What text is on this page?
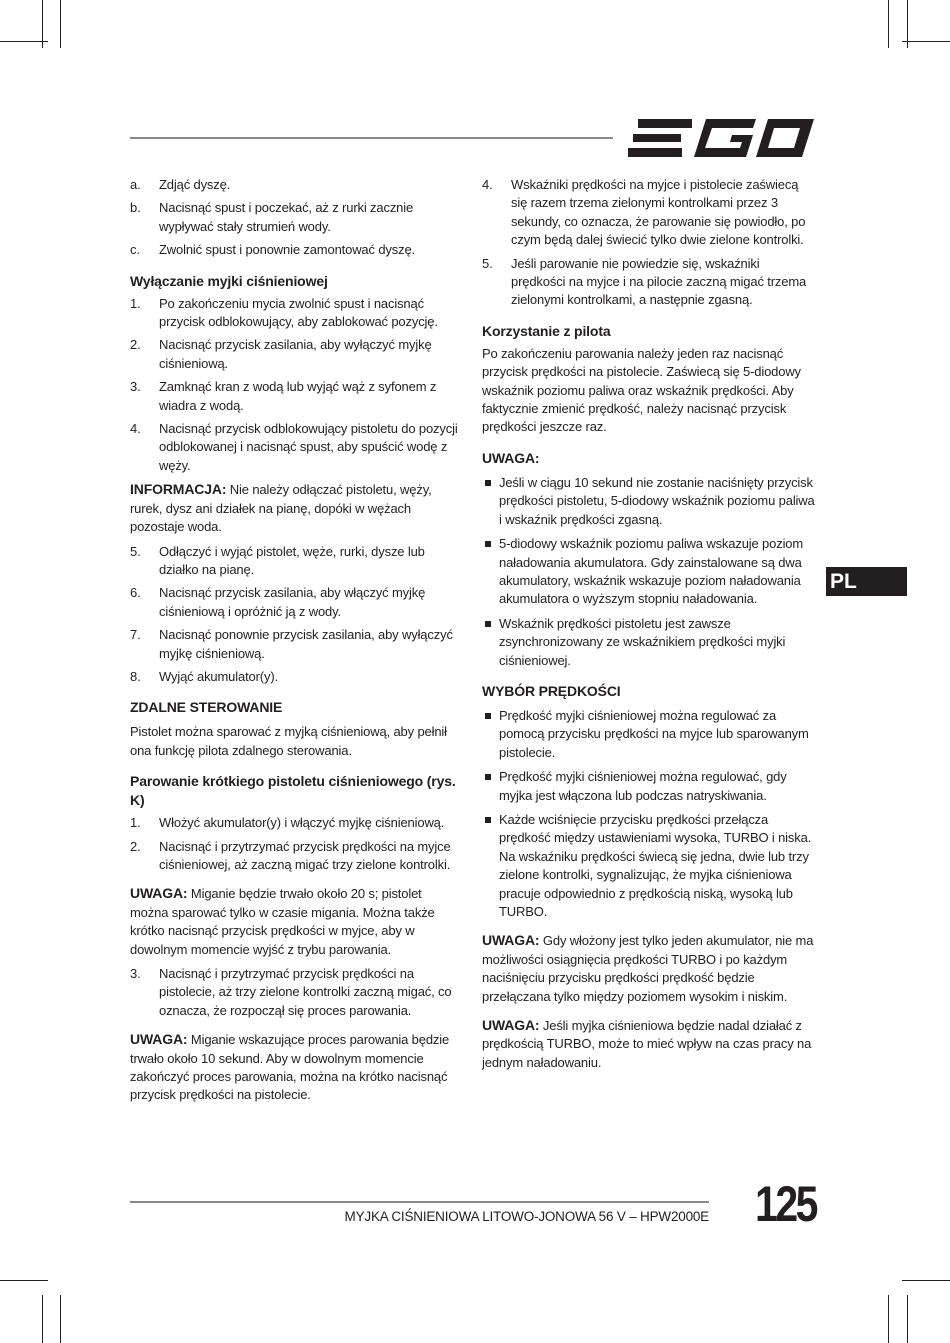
a.	Zdjąć dyszę.
b.	Nacisnąć spust i poczekać, aż z rurki zacznie wypływać stały strumień wody.
c.	Zwolnić spust i ponownie zamontować dyszę.
Wyłączanie myjki ciśnieniowej
1.	Po zakończeniu mycia zwolnić spust i nacisnąć przycisk odblokowujący, aby zablokować pozycję.
2.	Nacisnąć przycisk zasilania, aby wyłączyć myjkę ciśnieniową.
3.	Zamknąć kran z wodą lub wyjąć wąż z syfonem z wiadra z wodą.
4.	Nacisnąć przycisk odblokowujący pistoletu do pozycji odblokowanej i nacisnąć spust, aby spuścić wodę z węży.
INFORMACJA: Nie należy odłączać pistoletu, węży, rurek, dysz ani działek na pianę, dopóki w wężach pozostaje woda.
5.	Odłączyć i wyjąć pistolet, węże, rurki, dysze lub działko na pianę.
6.	Nacisnąć przycisk zasilania, aby włączyć myjkę ciśnieniową i opróżnić ją z wody.
7.	Nacisnąć ponownie przycisk zasilania, aby wyłączyć myjkę ciśnieniową.
8.	Wyjąć akumulator(y).
ZDALNE STEROWANIE
Pistolet można sparować z myjką ciśnieniową, aby pełnił ona funkcję pilota zdalnego sterowania.
Parowanie krótkiego pistoletu ciśnieniowego (rys. K)
1.	Włożyć akumulator(y) i włączyć myjkę ciśnieniową.
2.	Nacisnąć i przytrzymać przycisk prędkości na myjce ciśnieniowej, aż zaczną migać trzy zielone kontrolki.
UWAGA: Miganie będzie trwało około 20 s; pistolet można sparować tylko w czasie migania. Można także krótko nacisnąć przycisk prędkości w myjce, aby w dowolnym momencie wyjść z trybu parowania.
3.	Nacisnąć i przytrzymać przycisk prędkości na pistolecie, aż trzy zielone kontrolki zaczną migać, co oznacza, że rozpoczął się proces parowania.
UWAGA: Miganie wskazujące proces parowania będzie trwało około 10 sekund. Aby w dowolnym momencie zakończyć proces parowania, można na krótko nacisnąć przycisk prędkości na pistolecie.
4.	Wskaźniki prędkości na myjce i pistolecie zaświecą się razem trzema zielonymi kontrolkami przez 3 sekundy, co oznacza, że parowanie się powiodło, po czym będą dalej świecić tylko dwie zielone kontrolki.
5.	Jeśli parowanie nie powiedzie się, wskaźniki prędkości na myjce i na pilocie zaczną migać trzema zielonymi kontrolkami, a następnie zgasną.
Korzystanie z pilota
Po zakończeniu parowania należy jeden raz nacisnąć przycisk prędkości na pistolecie. Zaświecą się 5-diodowy wskaźnik poziomu paliwa oraz wskaźnik prędkości. Aby faktycznie zmienić prędkość, należy nacisnąć przycisk prędkości jeszcze raz.
UWAGA:
Jeśli w ciągu 10 sekund nie zostanie naciśnięty przycisk prędkości pistoletu, 5-diodowy wskaźnik poziomu paliwa i wskaźnik prędkości zgasną.
5-diodowy wskaźnik poziomu paliwa wskazuje poziom naładowania akumulatora. Gdy zainstalowane są dwa akumulatory, wskaźnik wskazuje poziom naładowania akumulatora o wyższym stopniu naładowania.
Wskaźnik prędkości pistoletu jest zawsze zsynchronizowany ze wskaźnikiem prędkości myjki ciśnieniowej.
WYBÓR PRĘDKOŚCI
Prędkość myjki ciśnieniowej można regulować za pomocą przycisku prędkości na myjce lub sparowanym pistolecie.
Prędkość myjki ciśnieniowej można regulować, gdy myjka jest włączona lub podczas natryskiwania.
Każde wciśnięcie przycisku prędkości przełącza prędkość między ustawieniami wysoka, TURBO i niska. Na wskaźniku prędkości świecą się jedna, dwie lub trzy zielone kontrolki, sygnalizując, że myjka ciśnieniowa pracuje odpowiednio z prędkością niską, wysoką lub TURBO.
UWAGA: Gdy włożony jest tylko jeden akumulator, nie ma możliwości osiągnięcia prędkości TURBO i po każdym naciśnięciu przycisku prędkości prędkość będzie przełączana tylko między poziomem wysokim i niskim.
UWAGA: Jeśli myjka ciśnieniowa będzie nadal działać z prędkością TURBO, może to mieć wpływ na czas pracy na jednym naładowaniu.
PL
MYJKA CIŚNIENIOWA LITOWO-JONOWA 56 V – HPW2000E 125
